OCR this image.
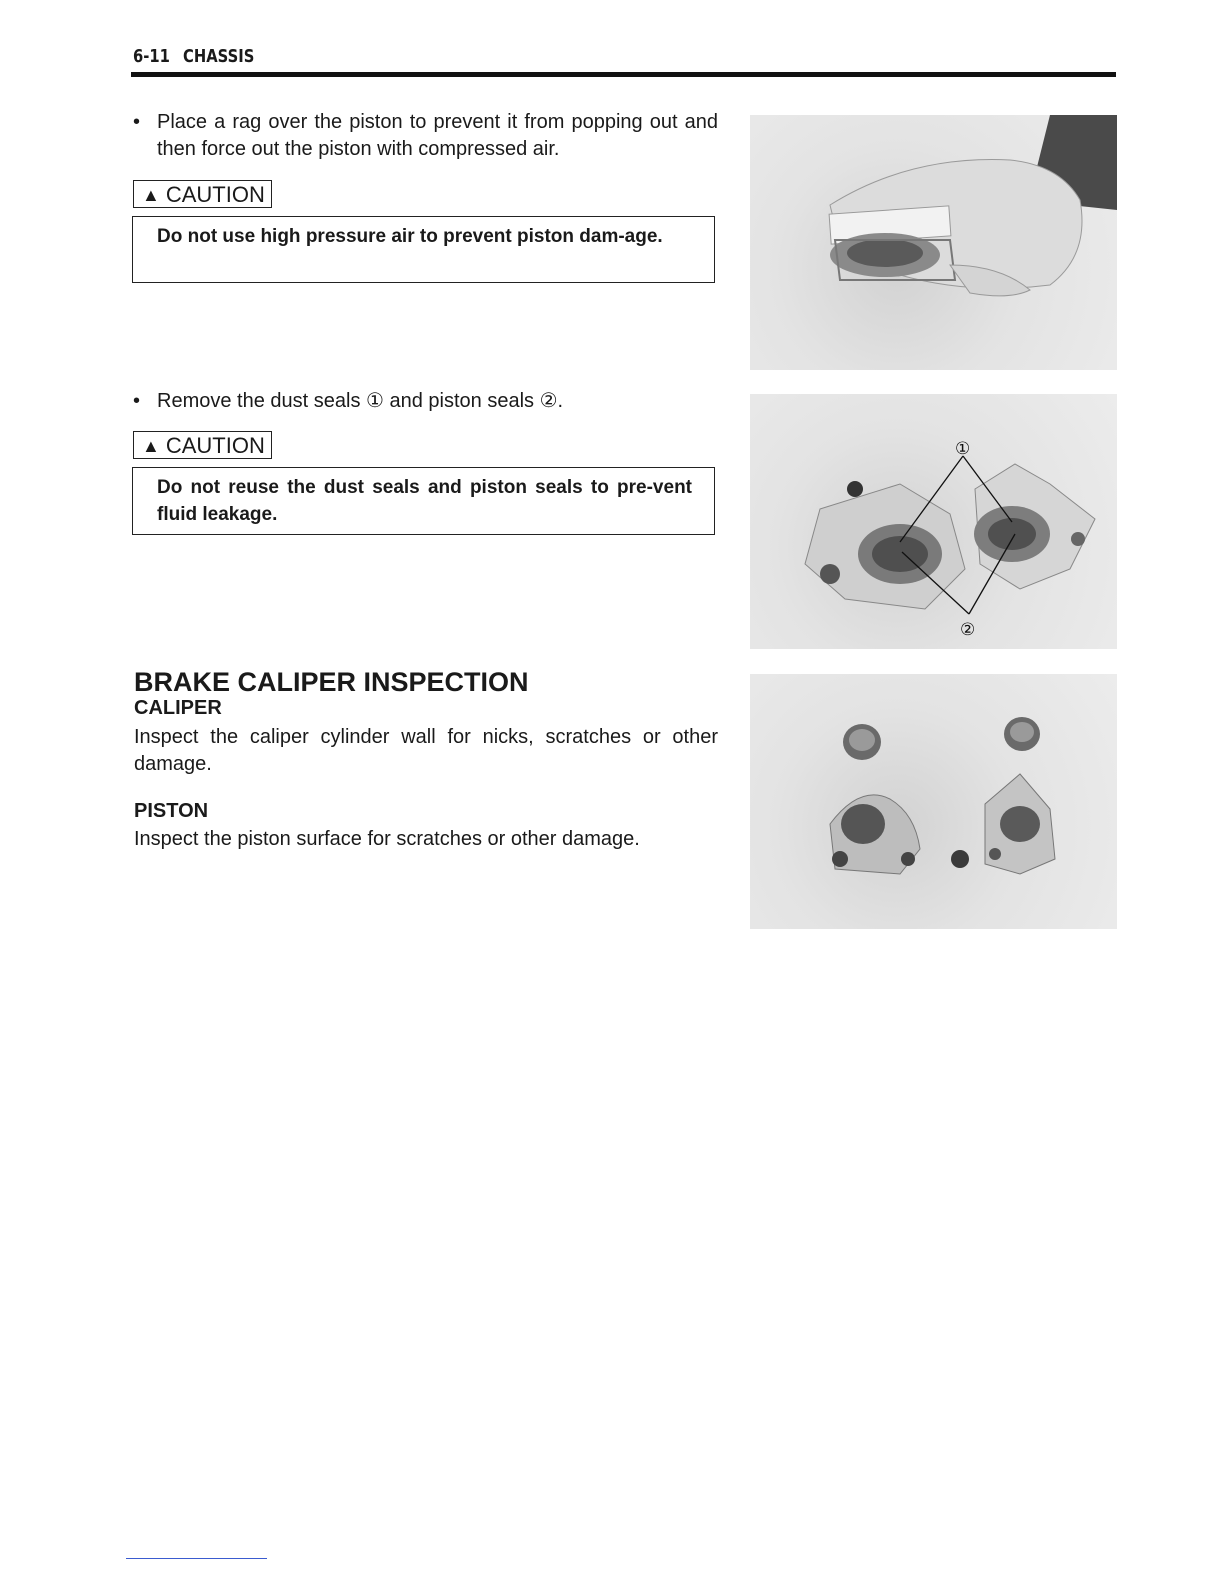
6-11 CHASSIS
• Place a rag over the piston to prevent it from popping out and then force out the piston with compressed air.
▲ CAUTION
Do not use high pressure air to prevent piston dam-age.
• Remove the dust seals ① and piston seals ②.
▲ CAUTION
Do not reuse the dust seals and piston seals to pre-vent fluid leakage.
BRAKE CALIPER INSPECTION
CALIPER
Inspect the caliper cylinder wall for nicks, scratches or other damage.
PISTON
Inspect the piston surface for scratches or other damage.
①
②
